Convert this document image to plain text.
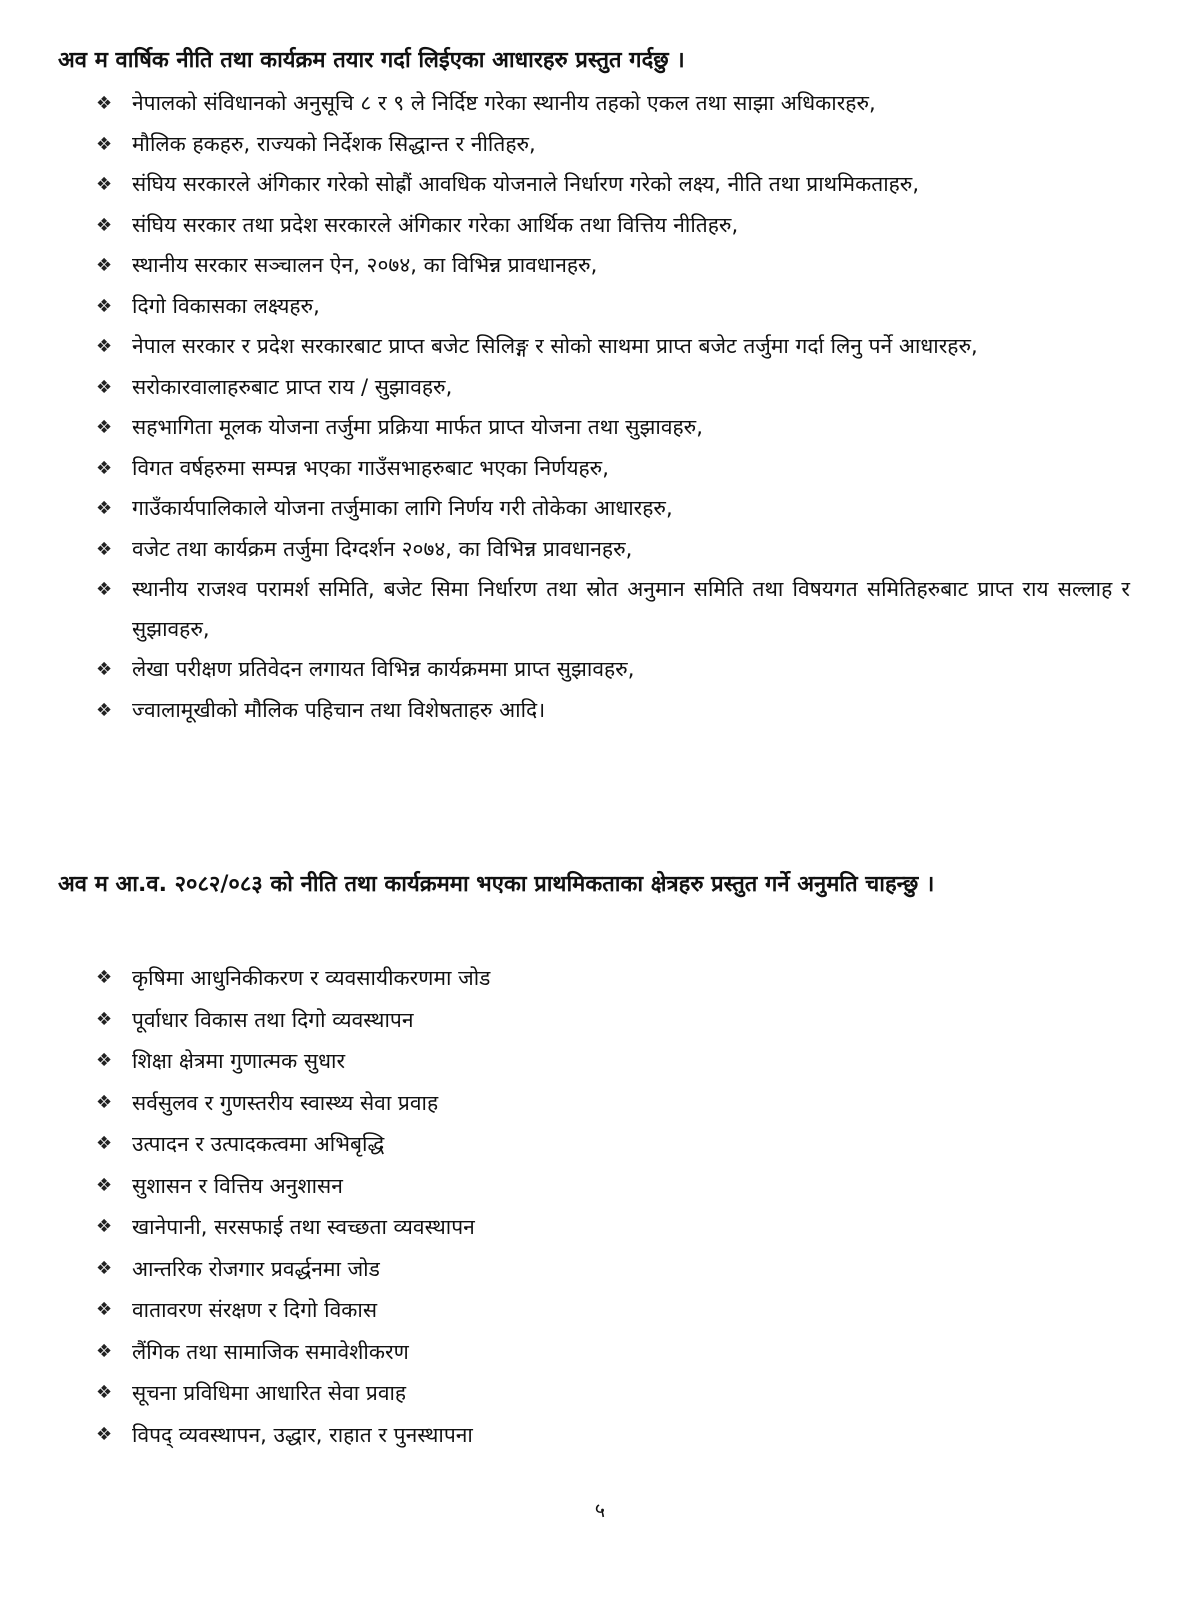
अव म वार्षिक नीति तथा कार्यक्रम तयार गर्दा लिईएका आधारहरु प्रस्तुत गर्दछु ।

❖ नेपालको संविधानको अनुसूचि ८ र ९ ले निर्दिष्ट गरेका स्थानीय तहको एकल तथा साझा अधिकारहरु,
❖ मौलिक हकहरु, राज्यको निर्देशक सिद्धान्त र नीतिहरु,
❖ संघिय सरकारले अंगिकार गरेको सोह्रौं आवधिक योजनाले निर्धारण गरेको लक्ष्य, नीति तथा प्राथमिकताहरु,
❖ संघिय सरकार तथा प्रदेश सरकारले अंगिकार गरेका आर्थिक तथा वित्तिय नीतिहरु,
❖ स्थानीय सरकार सञ्चालन ऐन, २०७४, का विभिन्न प्रावधानहरु,
❖ दिगो विकासका लक्ष्यहरु,
❖ नेपाल सरकार र प्रदेश सरकारबाट प्राप्त बजेट सिलिङ्ग र सोको साथमा प्राप्त बजेट तर्जुमा गर्दा लिनु पर्ने आधारहरु,
❖ सरोकारवालाहरुबाट प्राप्त राय / सुझावहरु,
❖ सहभागिता मूलक योजना तर्जुमा प्रक्रिया मार्फत प्राप्त योजना तथा सुझावहरु,
❖ विगत वर्षहरुमा सम्पन्न भएका गाउँसभाहरुबाट भएका निर्णयहरु,
❖ गाउँकार्यपालिकाले योजना तर्जुमाका लागि निर्णय गरी तोकेका आधारहरु,
❖ वजेट तथा कार्यक्रम तर्जुमा दिग्दर्शन २०७४, का विभिन्न प्रावधानहरु,
❖ स्थानीय राजश्व परामर्श समिति, बजेट सिमा निर्धारण तथा स्रोत अनुमान समिति तथा विषयगत समितिहरुबाट प्राप्त राय सल्लाह र सुझावहरु,
❖ लेखा परीक्षण प्रतिवेदन लगायत विभिन्न कार्यक्रममा प्राप्त सुझावहरु,
❖ ज्वालामूखीको मौलिक पहिचान तथा विशेषताहरु आदि।

अव म आ.व. २०८२/०८३ को नीति तथा कार्यक्रममा भएका प्राथमिकताका क्षेत्रहरु प्रस्तुत गर्ने अनुमति चाहन्छु ।

❖ कृषिमा आधुनिकीकरण र व्यवसायीकरणमा जोड
❖ पूर्वाधार विकास तथा दिगो व्यवस्थापन
❖ शिक्षा क्षेत्रमा गुणात्मक सुधार
❖ सर्वसुलव र गुणस्तरीय स्वास्थ्य सेवा प्रवाह
❖ उत्पादन र उत्पादकत्वमा अभिबृद्धि
❖ सुशासन र वित्तिय अनुशासन
❖ खानेपानी, सरसफाई तथा स्वच्छता व्यवस्थापन
❖ आन्तरिक रोजगार प्रवर्द्धनमा जोड
❖ वातावरण संरक्षण र दिगो विकास
❖ लैंगिक तथा सामाजिक समावेशीकरण
❖ सूचना प्रविधिमा आधारित सेवा प्रवाह
❖ विपद् व्यवस्थापन, उद्धार, राहात र पुनस्थापना
५
